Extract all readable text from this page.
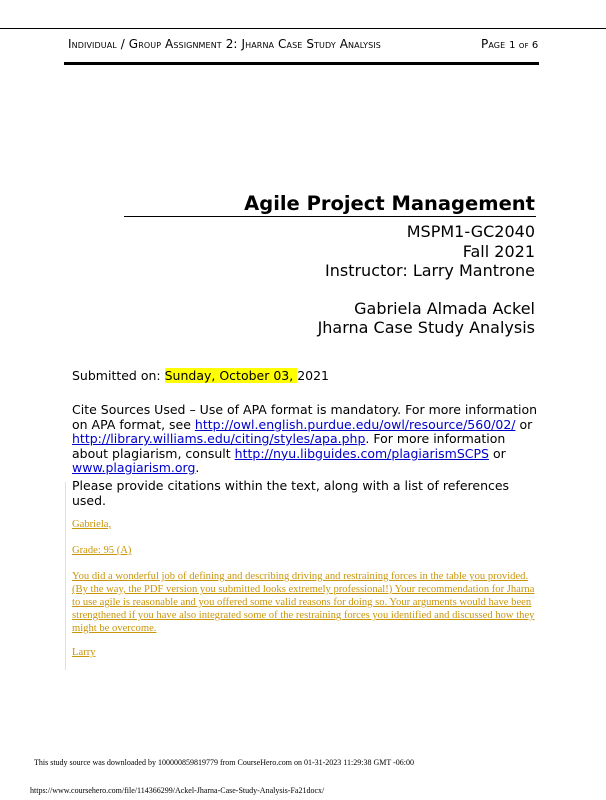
Individual / Group Assignment 2: Jharna Case Study Analysis	Page 1 of 6
Agile Project Management
MSPM1-GC2040
Fall 2021
Instructor: Larry Mantrone
Gabriela Almada Ackel
Jharna Case Study Analysis
Submitted on: Sunday, October 03, 2021
Cite Sources Used – Use of APA format is mandatory. For more information on APA format, see http://owl.english.purdue.edu/owl/resource/560/02/ or http://library.williams.edu/citing/styles/apa.php. For more information about plagiarism, consult http://nyu.libguides.com/plagiarismSCPS or www.plagiarism.org.
Please provide citations within the text, along with a list of references used.
Gabriela,
Grade: 95 (A)
You did a wonderful job of defining and describing driving and restraining forces in the table you provided. (By the way, the PDF version you submitted looks extremely professional!) Your recommendation for Jharna to use agile is reasonable and you offered some valid reasons for doing so. Your arguments would have been strengthened if you have also integrated some of the restraining forces you identified and discussed how they might be overcome.
Larry
This study source was downloaded by 100000859819779 from CourseHero.com on 01-31-2023 11:29:38 GMT -06:00
https://www.coursehero.com/file/114366299/Ackel-Jharna-Case-Study-Analysis-Fa21docx/
